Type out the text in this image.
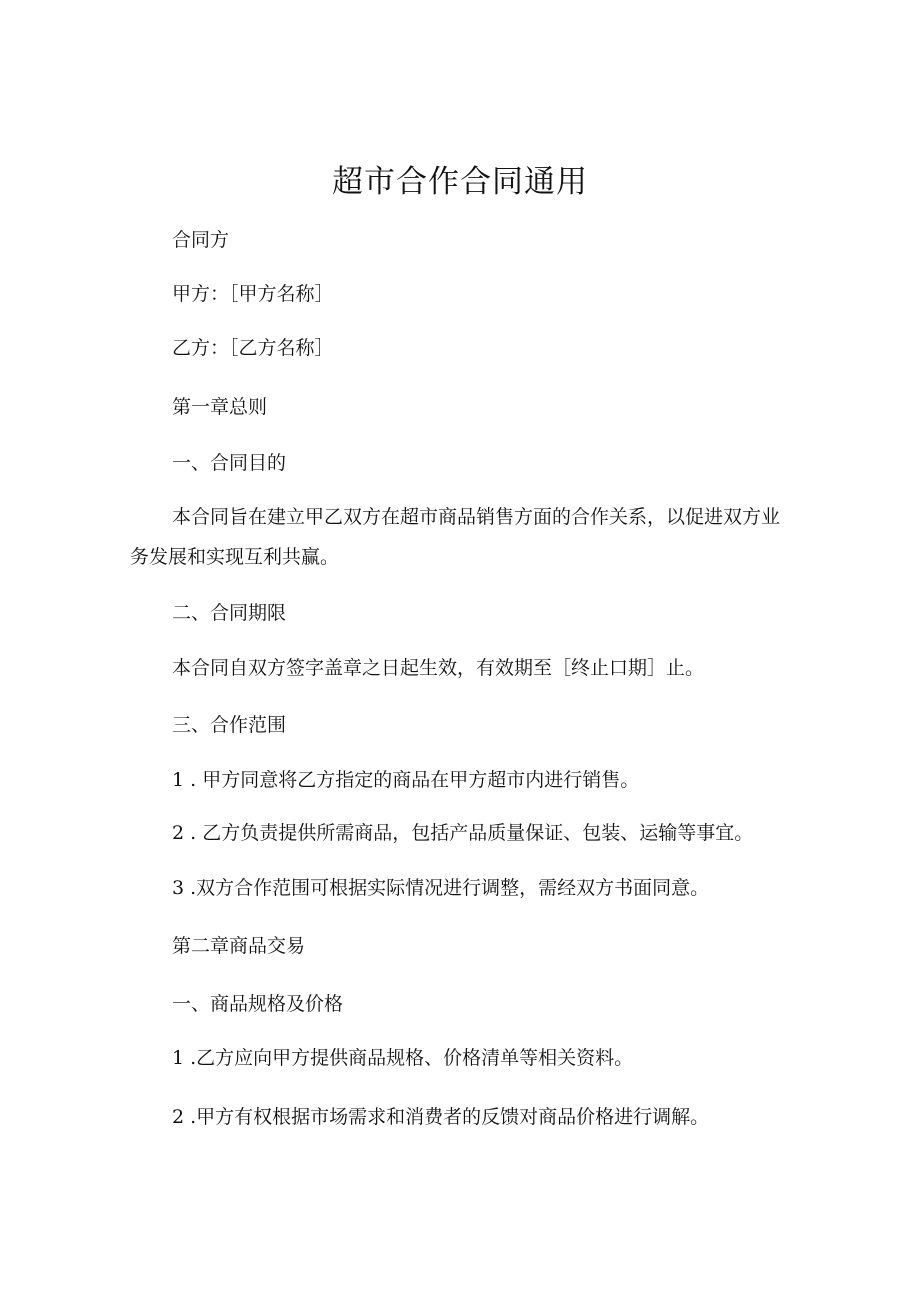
超市合作合同通用
合同方
甲方：［甲方名称］
乙方：［乙方名称］
第一章总则
一、合同目的
本合同旨在建立甲乙双方在超市商品销售方面的合作关系，以促进双方业务发展和实现互利共赢。
二、合同期限
本合同自双方签字盖章之日起生效，有效期至［终止口期］止。
三、合作范围
1 . 甲方同意将乙方指定的商品在甲方超市内进行销售。
2 . 乙方负责提供所需商品，包括产品质量保证、包装、运输等事宜。
3 .双方合作范围可根据实际情况进行调整，需经双方书面同意。
第二章商品交易
一、商品规格及价格
1 .乙方应向甲方提供商品规格、价格清单等相关资料。
2 .甲方有权根据市场需求和消费者的反馈对商品价格进行调解。
